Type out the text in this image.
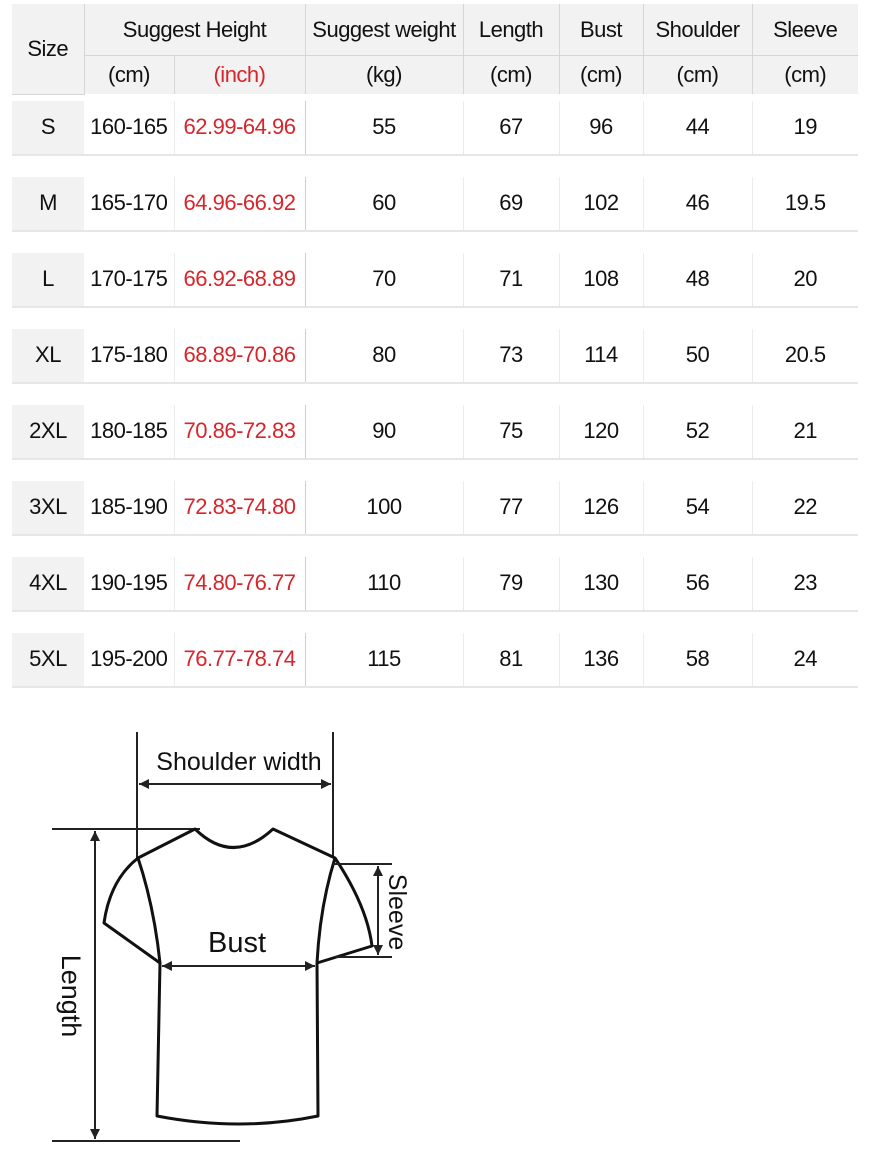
Size	Suggest Height		Suggest weight	Length	Bust	Shoulder	Sleeve
	(cm)	(inch)	(kg)	(cm)	(cm)	(cm)	(cm)

S	160-165	62.99-64.96	55	67	96	44	19

M	165-170	64.96-66.92	60	69	102	46	19.5

L	170-175	66.92-68.89	70	71	108	48	20

XL	175-180	68.89-70.86	80	73	114	50	20.5

2XL	180-185	70.86-72.83	90	75	120	52	21

3XL	185-190	72.83-74.80	100	77	126	54	22

4XL	190-195	74.80-76.77	110	79	130	56	23

5XL	195-200	76.77-78.74	115	81	136	58	24
Shoulder width
Length
Bust	Sleeve
